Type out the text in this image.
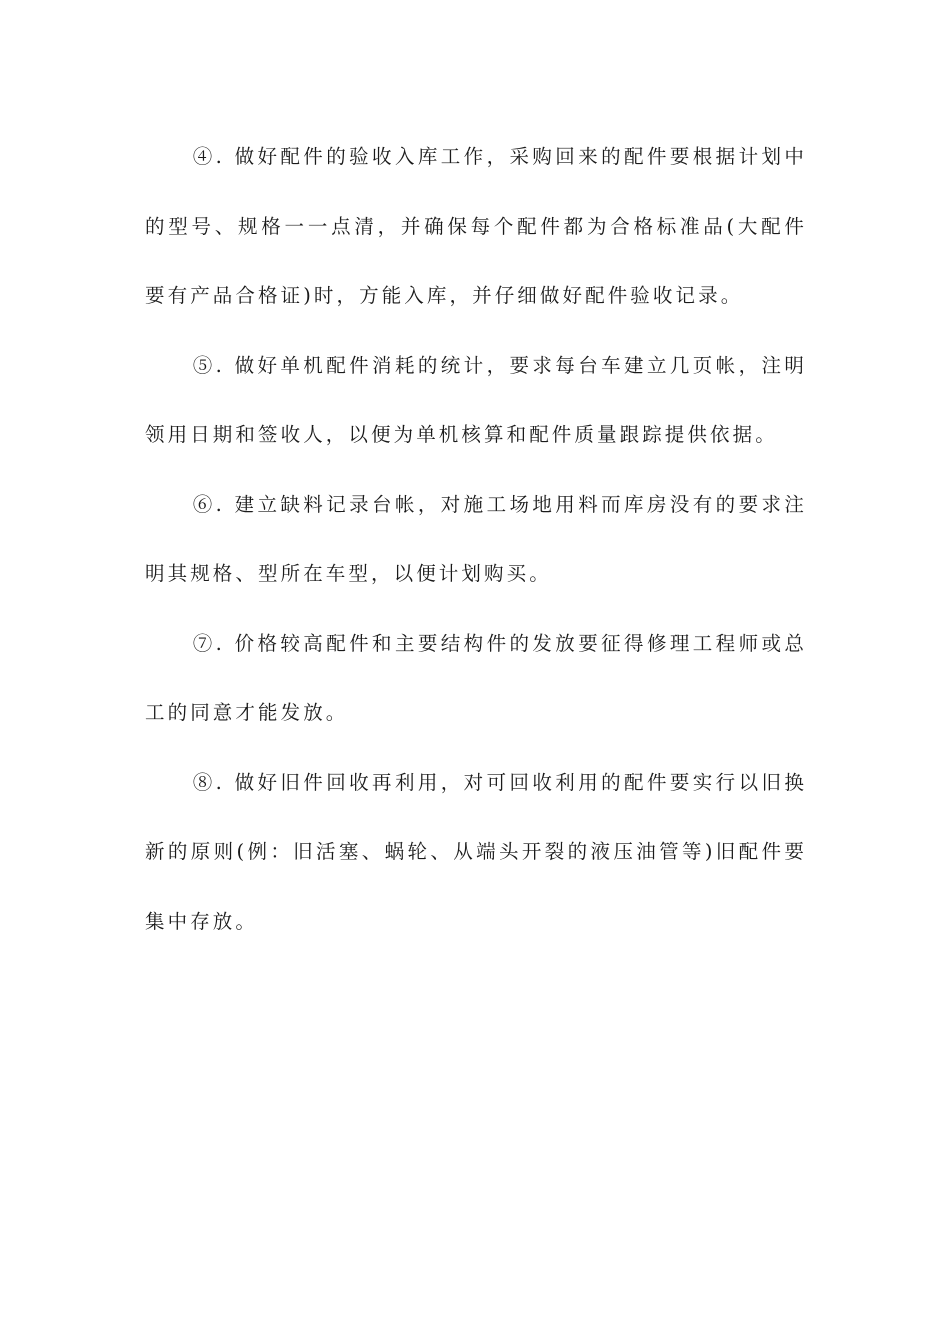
④. 做好配件的验收入库工作，采购回来的配件要根据计划中的型号、规格一一点清，并确保每个配件都为合格标准品(大配件要有产品合格证)时，方能入库，并仔细做好配件验收记录。

⑤. 做好单机配件消耗的统计，要求每台车建立几页帐，注明领用日期和签收人，以便为单机核算和配件质量跟踪提供依据。

⑥. 建立缺料记录台帐，对施工场地用料而库房没有的要求注明其规格、型所在车型，以便计划购买。

⑦. 价格较高配件和主要结构件的发放要征得修理工程师或总工的同意才能发放。

⑧. 做好旧件回收再利用，对可回收利用的配件要实行以旧换新的原则(例：旧活塞、蜗轮、从端头开裂的液压油管等)旧配件要集中存放。
